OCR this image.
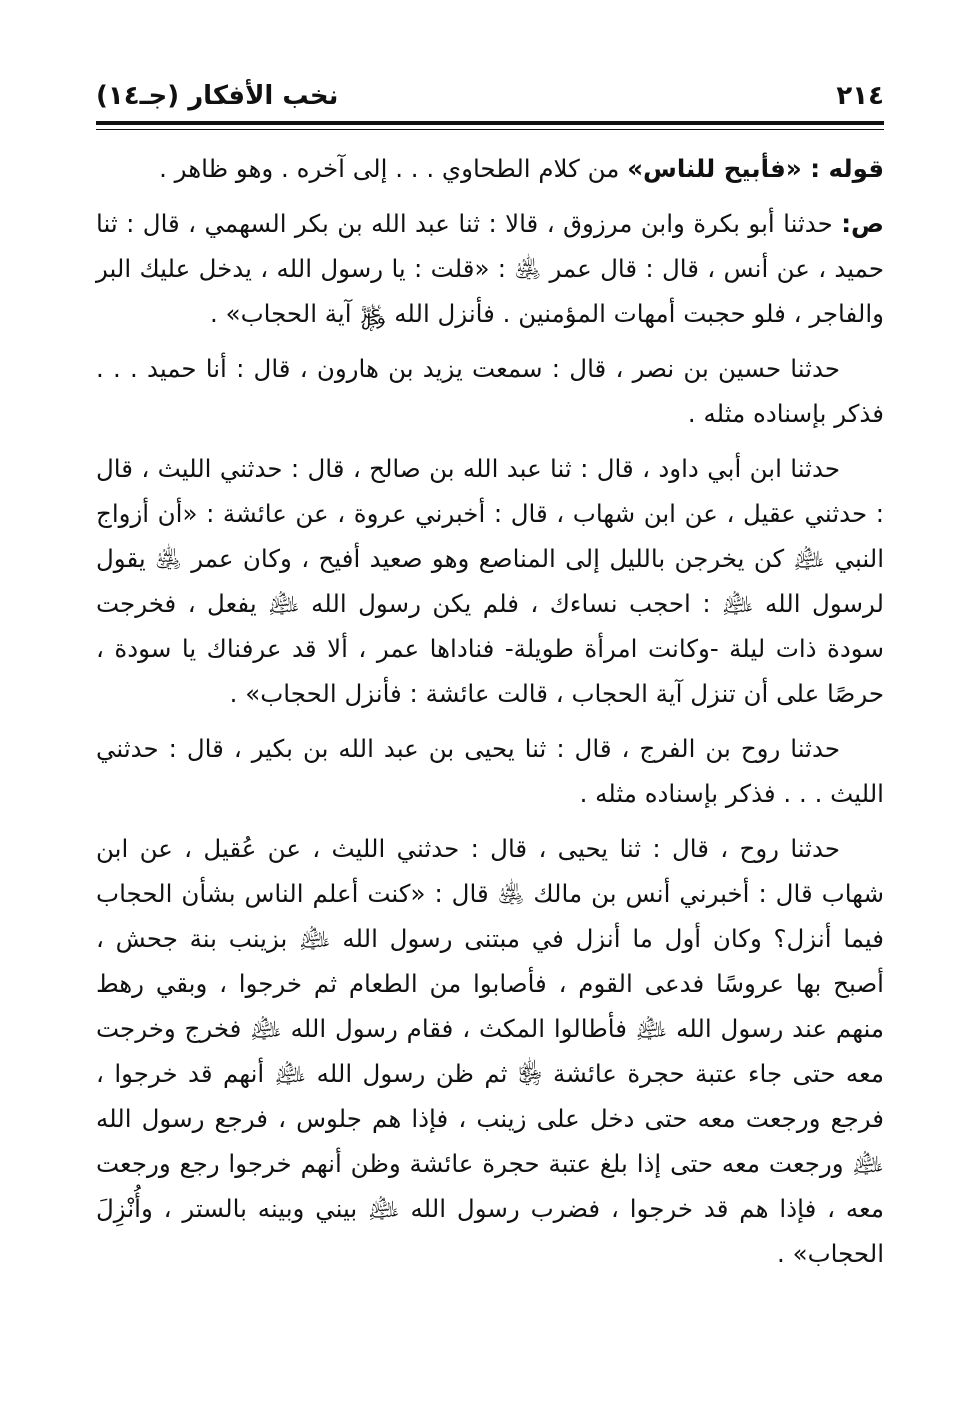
٢١٤
نخب الأفكار (جـ١٤)

قوله : «فأبيح للناس» من كلام الطحاوي . . . إلى آخره . وهو ظاهر .

ص: حدثنا أبو بكرة وابن مرزوق ، قالا : ثنا عبد الله بن بكر السهمي ، قال : ثنا حميد ، عن أنس ، قال : قال عمر ﵁ : «قلت : يا رسول الله ، يدخل عليك البر والفاجر ، فلو حجبت أمهات المؤمنين . فأنزل الله ﷿ آية الحجاب» .

حدثنا حسين بن نصر ، قال : سمعت يزيد بن هارون ، قال : أنا حميد . . . فذكر بإسناده مثله .

حدثنا ابن أبي داود ، قال : ثنا عبد الله بن صالح ، قال : حدثني الليث ، قال : حدثني عقيل ، عن ابن شهاب ، قال : أخبرني عروة ، عن عائشة : «أن أزواج النبي ﵇ كن يخرجن بالليل إلى المناصع وهو صعيد أفيح ، وكان عمر ﵁ يقول لرسول الله ﵇ : احجب نساءك ، فلم يكن رسول الله ﵇ يفعل ، فخرجت سودة ذات ليلة -وكانت امرأة طويلة- فناداها عمر ، ألا قد عرفناك يا سودة ، حرصًا على أن تنزل آية الحجاب ، قالت عائشة : فأنزل الحجاب» .

حدثنا روح بن الفرج ، قال : ثنا يحيى بن عبد الله بن بكير ، قال : حدثني الليث . . . فذكر بإسناده مثله .

حدثنا روح ، قال : ثنا يحيى ، قال : حدثني الليث ، عن عُقيل ، عن ابن شهاب قال : أخبرني أنس بن مالك ﵁ قال : «كنت أعلم الناس بشأن الحجاب فيما أنزل؟ وكان أول ما أنزل في مبتنى رسول الله ﵇ بزينب بنة جحش ، أصبح بها عروسًا فدعى القوم ، فأصابوا من الطعام ثم خرجوا ، وبقي رهط منهم عند رسول الله ﵇ فأطالوا المكث ، فقام رسول الله ﵇ فخرج وخرجت معه حتى جاء عتبة حجرة عائشة ﵂ ثم ظن رسول الله ﵇ أنهم قد خرجوا ، فرجع ورجعت معه حتى دخل على زينب ، فإذا هم جلوس ، فرجع رسول الله ﵇ ورجعت معه حتى إذا بلغ عتبة حجرة عائشة وظن أنهم خرجوا رجع ورجعت معه ، فإذا هم قد خرجوا ، فضرب رسول الله ﵇ بيني وبينه بالستر ، وأُنْزِلَ الحجاب» .
